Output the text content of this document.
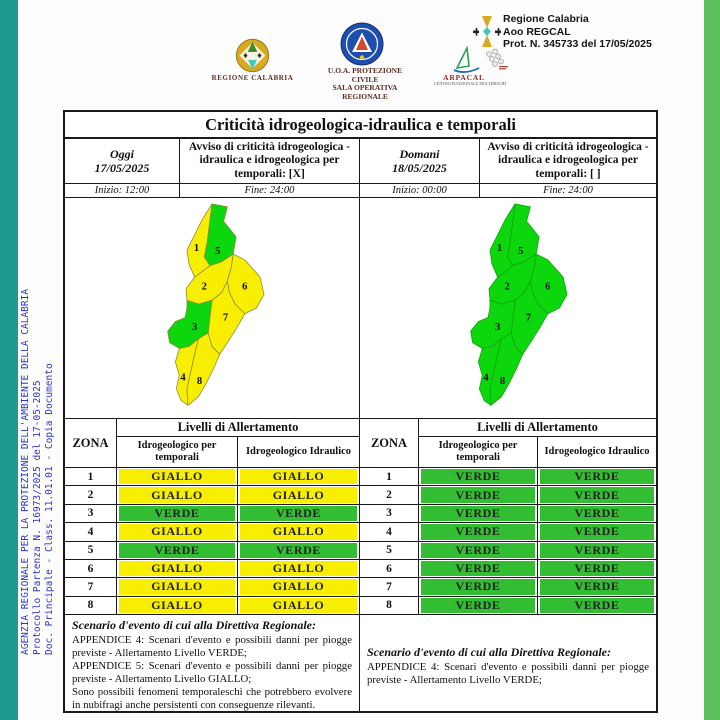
AGENZIA REGIONALE PER LA PROTEZIONE DELL'AMBIENTE DELLA CALABRIA Protocollo Partenza N. 16973/2025 del 17-05-2025 Doc. Principale - Class. 11.01.01 - Copia Documento
REGIONE CALABRIA
U.O.A. PROTEZIONE CIVILE
SALA OPERATIVA REGIONALE
ARPACAL
CENTRO FUNZIONALE MULTIRISCHI
Regione Calabria
Aoo REGCAL
Prot. N. 345733 del 17/05/2025
Criticità idrogeologica-idraulica e temporali
Oggi
17/05/2025
Avviso di criticità idrogeologica - idraulica e idrogeologica per temporali: [X]
Domani
18/05/2025
Avviso di criticità idrogeologica - idraulica e idrogeologica per temporali: [ ]
Inizio: 12:00	Fine: 24:00	Inizio: 00:00	Fine: 24:00
1 5
2	6
7
3
4 8
1 5
2	6
7
3
4 8
ZONA
Livelli di Allertamento
Idrogeologico per temporali
Idrogeologico Idraulico
1	GIALLO	GIALLO
2	GIALLO	GIALLO
3	VERDE	VERDE
4	GIALLO	GIALLO
5	VERDE	VERDE
6	GIALLO	GIALLO
7	GIALLO	GIALLO
8	GIALLO	GIALLO
ZONA
Livelli di Allertamento
Idrogeologico per temporali
Idrogeologico Idraulico
1	VERDE	VERDE
2	VERDE	VERDE
3	VERDE	VERDE
4	VERDE	VERDE
5	VERDE	VERDE
6	VERDE	VERDE
7	VERDE	VERDE
8	VERDE	VERDE
Scenario d'evento di cui alla Direttiva Regionale:
APPENDICE 4: Scenari d'evento e possibili danni per piogge previste - Allertamento Livello VERDE;
APPENDICE 5: Scenari d'evento e possibili danni per piogge previste - Allertamento Livello GIALLO;
Sono possibili fenomeni temporaleschi che potrebbero evolvere in nubifragi anche persistenti con conseguenze rilevanti.
Scenario d'evento di cui alla Direttiva Regionale:
APPENDICE 4: Scenari d'evento e possibili danni per piogge previste - Allertamento Livello VERDE;
